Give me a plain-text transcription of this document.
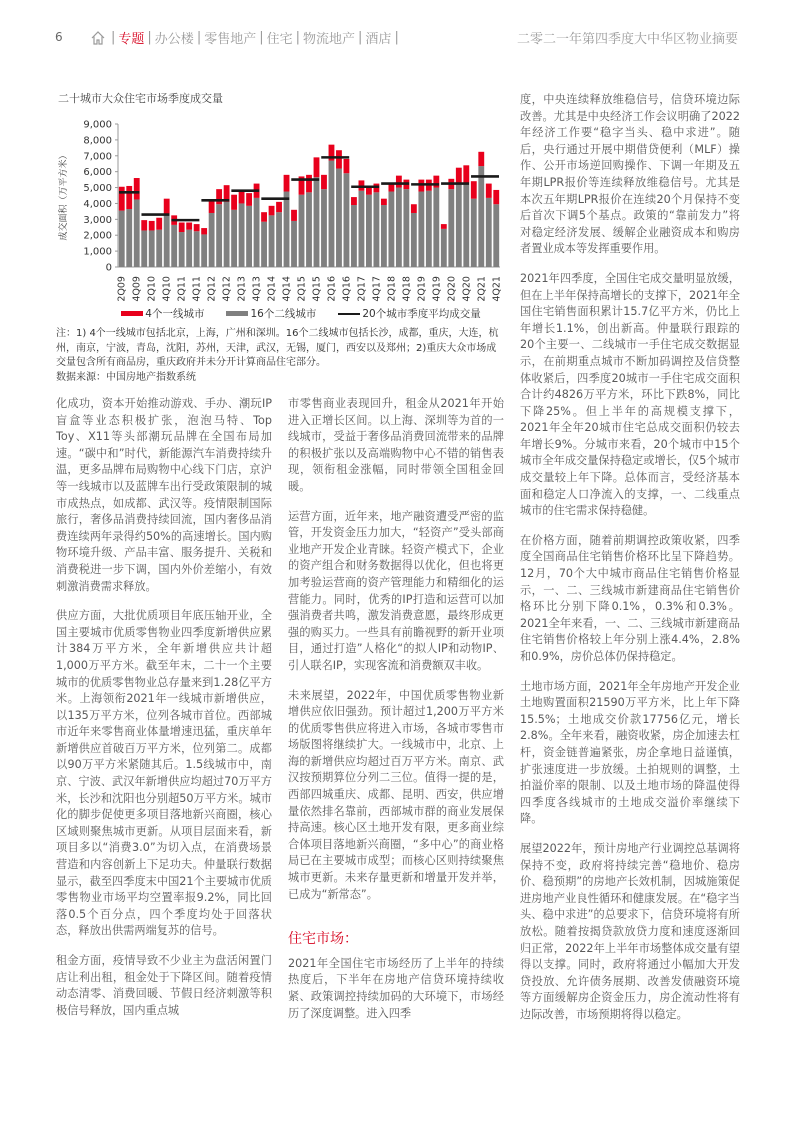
6	| 专题 | 办公楼 | 零售地产 | 住宅 | 物流地产 | 酒店 |	二零二一年第四季度大中华区物业摘要
二十城市大众住宅市场季度成交量
成交面积（万平方米）
0
1,000
2,000
3,000
4,000
5,000
6,000
7,000
8,000
9,000
2Q09 4Q09 2Q10 4Q10 2Q11 4Q11 2Q12 4Q12 2Q13 4Q13 2Q14 4Q14 2Q15 4Q15 2Q16 4Q16 2Q17 4Q17 2Q18 4Q18 2Q19 4Q19 2Q20 4Q20 2Q21 4Q21
4个一线城市	16个二线城市	20个城市季度平均成交量
注：1) 4个一线城市包括北京，上海，广州和深圳。16个二线城市包括长沙，成都，重庆，大连，杭州，南京，宁波，青岛，沈阳，苏州，天津，武汉，无锡，厦门，西安以及郑州；2)重庆大众市场成交量包含所有商品房，重庆政府并未分开计算商品住宅部分。
数据来源：中国房地产指数系统

化成功，资本开始推动游戏、手办、潮玩IP盲盒等业态积极扩张，泡泡马特、Top Toy、X11等头部潮玩品牌在全国布局加速。“碳中和”时代，新能源汽车消费持续升温，更多品牌布局购物中心线下门店，京沪等一线城市以及蓝牌车出行受政策限制的城市成热点，如成都、武汉等。疫情限制国际旅行，奢侈品消费持续回流，国内奢侈品消费连续两年录得约50%的高速增长。国内购物环境升级、产品丰富、服务提升、关税和消费税进一步下调，国内外价差缩小，有效刺激消费需求释放。

供应方面，大批优质项目年底压轴开业，全国主要城市优质零售物业四季度新增供应累计384万平方米，全年新增供应共计超1,000万平方米。截至年末，二十一个主要城市的优质零售物业总存量来到1.28亿平方米。上海领衔2021年一线城市新增供应，以135万平方米，位列各城市首位。西部城市近年来零售商业体量增速迅猛，重庆单年新增供应首破百万平方米，位列第二。成都以90万平方米紧随其后。1.5线城市中，南京、宁波、武汉年新增供应均超过70万平方米，长沙和沈阳也分别超50万平方米。城市化的脚步促使更多项目落地新兴商圈，核心区域则聚焦城市更新。从项目层面来看，新项目多以“消费3.0”为切入点，在消费场景营造和内容创新上下足功夫。仲量联行数据显示，截至四季度末中国21个主要城市优质零售物业市场平均空置率报9.2%，同比回落0.5个百分点，四个季度均处于回落状态，释放出供需两端复苏的信号。

租金方面，疫情导致不少业主为盘活闲置门店让利出租，租金处于下降区间。随着疫情动态清零、消费回暖、节假日经济刺激等积极信号释放，国内重点城

市零售商业表现回升，租金从2021年开始进入正增长区间。以上海、深圳等为首的一线城市，受益于奢侈品消费回流带来的品牌的积极扩张以及高端购物中心不错的销售表现，领衔租金涨幅，同时带领全国租金回暖。

运营方面，近年来，地产融资遭受严密的监管，开发资金压力加大，“轻资产”受头部商业地产开发企业青睐。轻资产模式下，企业的资产组合和财务数据得以优化，但也将更加考验运营商的资产管理能力和精细化的运营能力。同时，优秀的IP打造和运营可以加强消费者共鸣，激发消费意愿，最终形成更强的购买力。一些具有前瞻视野的新开业项目，通过打造”人格化“的拟人IP和动物IP、引人联名IP，实现客流和消费额双丰收。

未来展望，2022年，中国优质零售物业新增供应依旧强劲。预计超过1,200万平方米的优质零售供应将进入市场，各城市零售市场版图将继续扩大。一线城市中，北京、上海的新增供应均超过百万平方米。南京、武汉按预期算位分列二三位。值得一提的是，西部四城重庆、成都、昆明、西安，供应增量依然排名靠前，西部城市群的商业发展保持高速。核心区土地开发有限，更多商业综合体项目落地新兴商圈，“多中心”的商业格局已在主要城市成型；而核心区则持续聚焦城市更新。未来存量更新和增量开发并举，已成为“新常态”。

住宅市场：

2021年全国住宅市场经历了上半年的持续热度后，下半年在房地产信贷环境持续收紧、政策调控持续加码的大环境下，市场经历了深度调整。进入四季

度，中央连续释放维稳信号，信贷环境边际改善。尤其是中央经济工作会议明确了2022年经济工作要“稳字当头、稳中求进”。随后，央行通过开展中期借贷便利（MLF）操作、公开市场逆回购操作、下调一年期及五年期LPR报价等连续释放维稳信号。尤其是本次五年期LPR报价在连续20个月保持不变后首次下调5个基点。政策的“靠前发力”将对稳定经济发展、缓解企业融资成本和购房者置业成本等发挥重要作用。

2021年四季度，全国住宅成交量明显放缓，但在上半年保持高增长的支撑下，2021年全国住宅销售面积累计15.7亿平方米，仍比上年增长1.1%，创出新高。仲量联行跟踪的20个主要一、二线城市一手住宅成交数据显示，在前期重点城市不断加码调控及信贷整体收紧后，四季度20城市一手住宅成交面积合计约4826万平方米，环比下跌8%，同比下降25%。但上半年的高规模支撑下，2021年全年20城市住宅总成交面积仍较去年增长9%。分城市来看，20个城市中15个城市全年成交量保持稳定或增长，仅5个城市成交量较上年下降。总体而言，受经济基本面和稳定人口净流入的支撑，一、二线重点城市的住宅需求保持稳健。

在价格方面，随着前期调控政策收紧，四季度全国商品住宅销售价格环比呈下降趋势。12月，70个大中城市商品住宅销售价格显示，一、二、三线城市新建商品住宅销售价格环比分别下降0.1%，0.3%和0.3%。2021全年来看，一、二、三线城市新建商品住宅销售价格较上年分别上涨4.4%，2.8%和0.9%，房价总体仍保持稳定。

土地市场方面，2021年全年房地产开发企业土地购置面积21590万平方米，比上年下降15.5%；土地成交价款17756亿元，增长2.8%。全年来看，融资收紧，房企加速去杠杆，资金链普遍紧张，房企拿地日益谨慎，扩张速度进一步放缓。土拍规则的调整，土拍溢价率的限制、以及土地市场的降温使得四季度各线城市的土地成交溢价率继续下降。

展望2022年，预计房地产行业调控总基调将保持不变，政府将持续完善“稳地价、稳房价、稳预期”的房地产长效机制，因城施策促进房地产业良性循环和健康发展。在“稳字当头、稳中求进”的总要求下，信贷环境将有所放松。随着按揭贷款放贷力度和速度逐渐回归正常，2022年上半年市场整体成交量有望得以支撑。同时，政府将通过小幅加大开发贷投放、允许债务展期、改善发债融资环境等方面缓解房企资金压力，房企流动性将有边际改善，市场预期将得以稳定。
